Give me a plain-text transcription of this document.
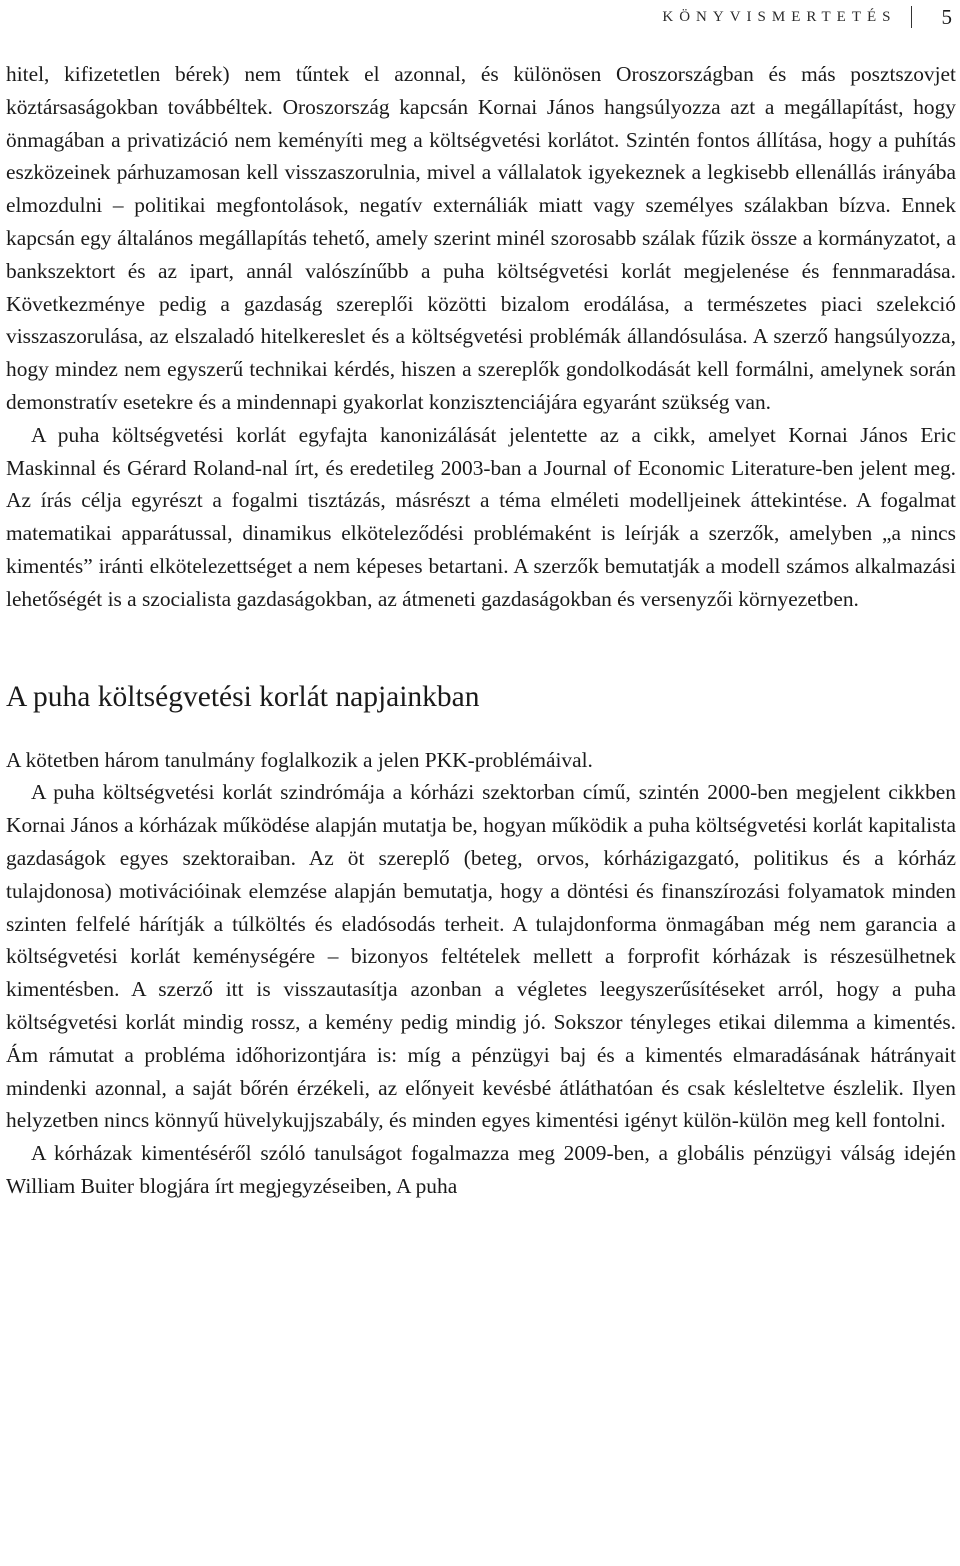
KÖNYVISMERTETÉS	5

hitel, kifizetetlen bérek) nem tűntek el azonnal, és különösen Oroszországban és más posztszovjet köztársaságokban továbbéltek. Oroszország kapcsán Kornai János hangsúlyozza azt a megállapítást, hogy önmagában a privatizáció nem keményíti meg a költségvetési korlátot. Szintén fontos állítása, hogy a puhítás eszközeinek párhuzamosan kell visszaszorulnia, mivel a vállalatok igyekeznek a legkisebb ellenállás irányába elmozdulni – politikai megfontolások, negatív externáliák miatt vagy személyes szálakban bízva. Ennek kapcsán egy általános megállapítás tehető, amely szerint minél szorosabb szálak fűzik össze a kormányzatot, a bankszektort és az ipart, annál valószínűbb a puha költségvetési korlát megjelenése és fennmaradása. Következménye pedig a gazdaság szereplői közötti bizalom erodálása, a természetes piaci szelekció visszaszorulása, az elszaladó hitelkereslet és a költségvetési problémák állandósulása. A szerző hangsúlyozza, hogy mindez nem egyszerű technikai kérdés, hiszen a szereplők gondolkodását kell formálni, amelynek során demonstratív esetekre és a mindennapi gyakorlat konzisztenciájára egyaránt szükség van.

A puha költségvetési korlát egyfajta kanonizálását jelentette az a cikk, amelyet Kornai János Eric Maskinnal és Gérard Roland-nal írt, és eredetileg 2003-ban a Journal of Economic Literature-ben jelent meg. Az írás célja egyrészt a fogalmi tisztázás, másrészt a téma elméleti modelljeinek áttekintése. A fogalmat matematikai apparátussal, dinamikus elköteleződési problémaként is leírják a szerzők, amelyben „a nincs kimentés” iránti elkötelezettséget a nem képeses betartani. A szerzők bemutatják a modell számos alkalmazási lehetőségét is a szocialista gazdaságokban, az átmeneti gazdaságokban és versenyzői környezetben.

A puha költségvetési korlát napjainkban

A kötetben három tanulmány foglalkozik a jelen PKK-problémáival.

A puha költségvetési korlát szindrómája a kórházi szektorban című, szintén 2000-ben megjelent cikkben Kornai János a kórházak működése alapján mutatja be, hogyan működik a puha költségvetési korlát kapitalista gazdaságok egyes szektoraiban. Az öt szereplő (beteg, orvos, kórházigazgató, politikus és a kórház tulajdonosa) motivációinak elemzése alapján bemutatja, hogy a döntési és finanszírozási folyamatok minden szinten felfelé hárítják a túlköltés és eladósodás terheit. A tulajdonforma önmagában még nem garancia a költségvetési korlát keménységére – bizonyos feltételek mellett a forprofit kórházak is részesülhetnek kimentésben. A szerző itt is visszautasítja azonban a végletes leegyszerűsítéseket arról, hogy a puha költségvetési korlát mindig rossz, a kemény pedig mindig jó. Sokszor tényleges etikai dilemma a kimentés. Ám rámutat a probléma időhorizontjára is: míg a pénzügyi baj és a kimentés elmaradásának hátrányait mindenki azonnal, a saját bőrén érzékeli, az előnyeit kevésbé átláthatóan és csak késleltetve észlelik. Ilyen helyzetben nincs könnyű hüvelykujjszabály, és minden egyes kimentési igényt külön-külön meg kell fontolni.

A kórházak kimentéséről szóló tanulságot fogalmazza meg 2009-ben, a globális pénzügyi válság idején William Buiter blogjára írt megjegyzéseiben, A puha
